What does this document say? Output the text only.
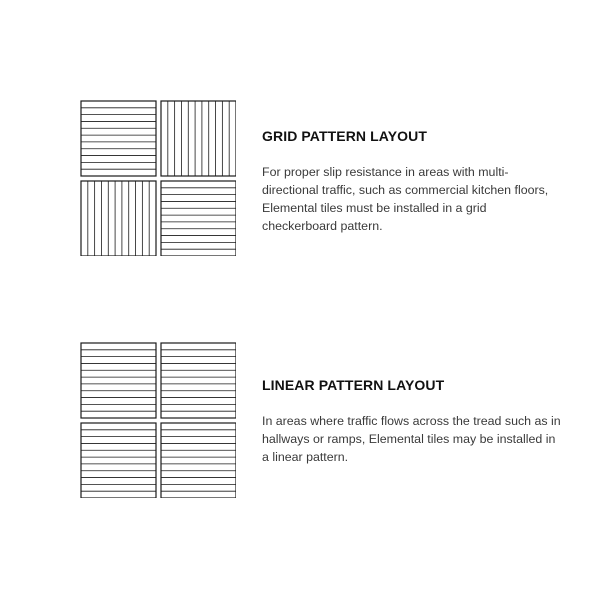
GRID PATTERN LAYOUT

For proper slip resistance in areas with multi-directional traffic, such as commercial kitchen floors, Elemental tiles must be installed in a grid checkerboard pattern.

LINEAR PATTERN LAYOUT

In areas where traffic flows across the tread such as in hallways or ramps, Elemental tiles may be installed in a linear pattern.
